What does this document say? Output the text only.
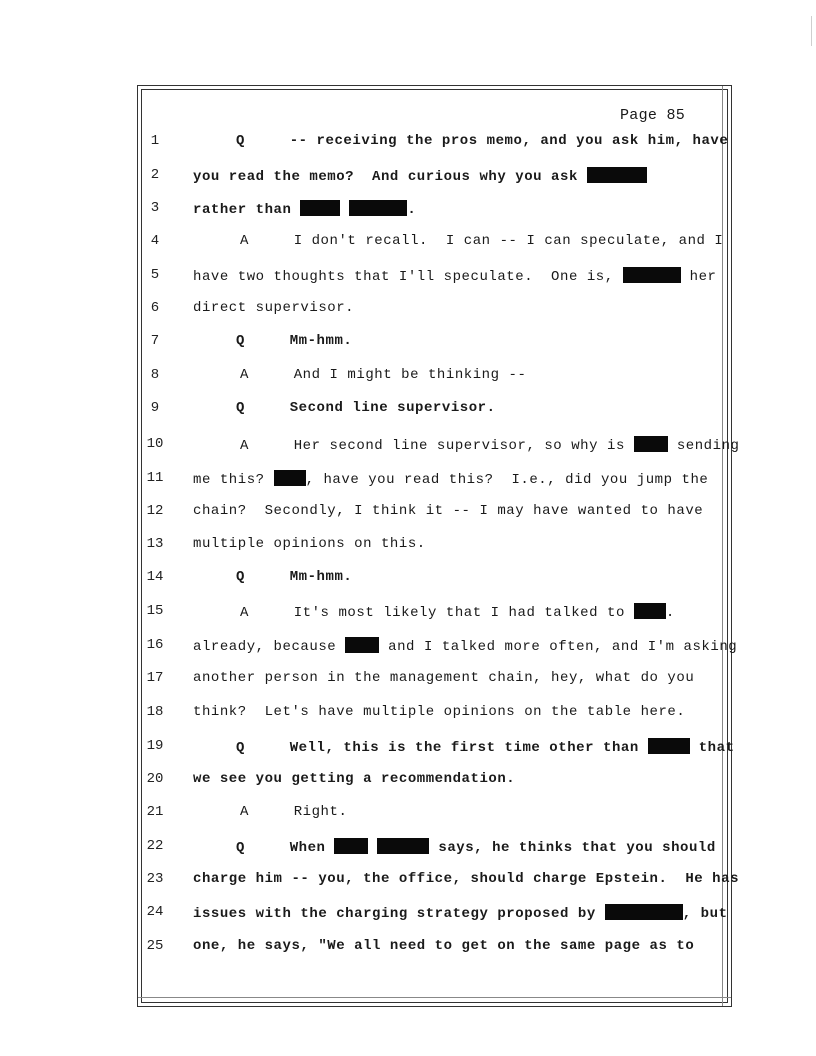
Page 85
1	Q     -- receiving the pros memo, and you ask him, have
2	you read the memo?  And curious why you ask
3	rather than	.
4	A     I don't recall.  I can -- I can speculate, and I
5	have two thoughts that I'll speculate.  One is,	her
6	direct supervisor.
7	Q     Mm-hmm.
8	A     And I might be thinking --
9	Q     Second line supervisor.
10	A     Her second line supervisor, so why is  sending
11	me this? , have you read this?  I.e., did you jump the
12	chain?  Secondly, I think it -- I may have wanted to have
13	multiple opinions on this.
14	Q     Mm-hmm.
15	A     It's most likely that I had talked to .
16	already, because  and I talked more often, and I'm asking
17	another person in the management chain, hey, what do you
18	think?  Let's have multiple opinions on the table here.
19	Q     Well, this is the first time other than	that
20	we see you getting a recommendation.
21	A     Right.
22	Q     When	says, he thinks that you should
23	charge him -- you, the office, should charge Epstein.  He has
24	issues with the charging strategy proposed by	, but
25	one, he says, "We all need to get on the same page as to
